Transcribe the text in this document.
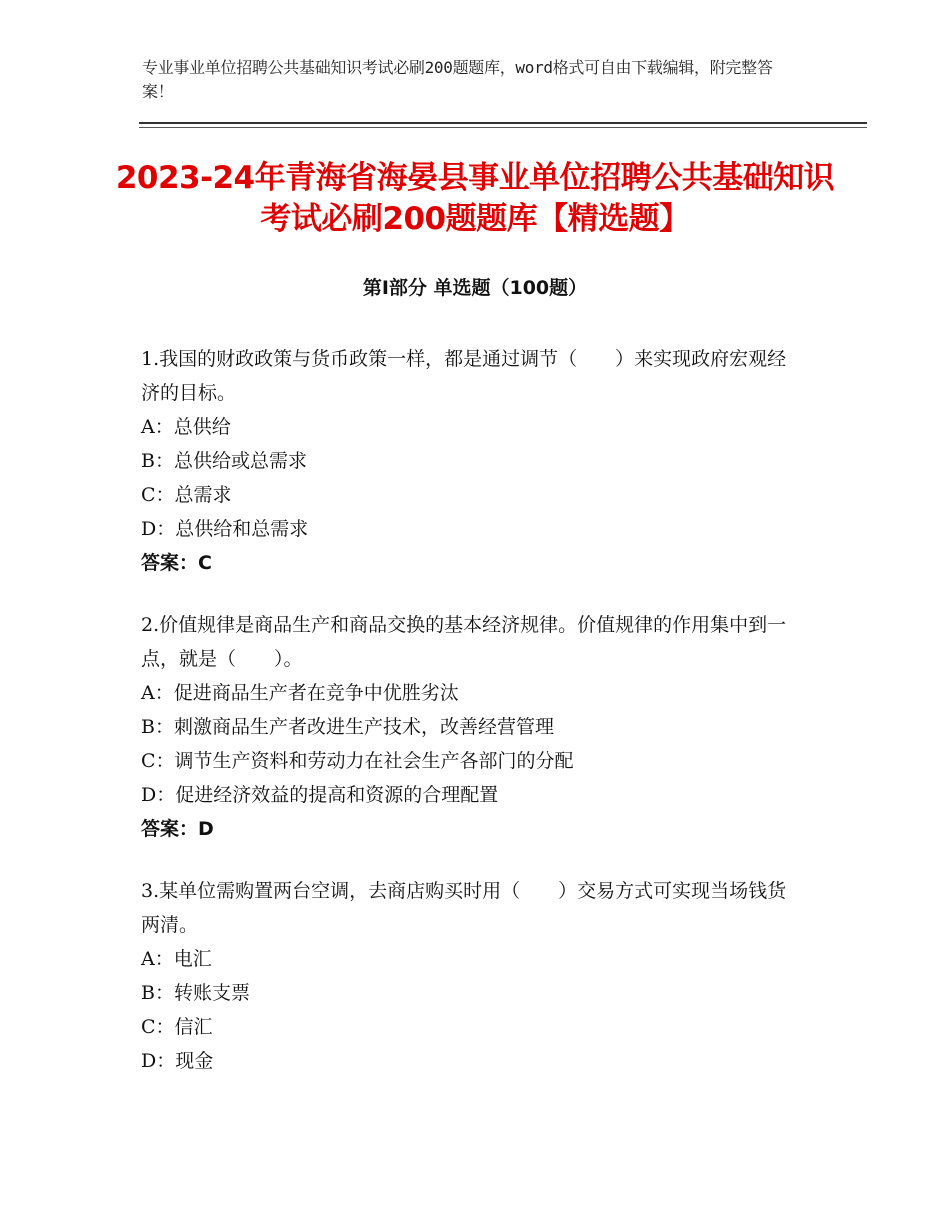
专业事业单位招聘公共基础知识考试必刷200题题库，word格式可自由下载编辑，附完整答案！
2023-24年青海省海晏县事业单位招聘公共基础知识考试必刷200题题库【精选题】
第I部分 单选题（100题）

1.我国的财政政策与货币政策一样，都是通过调节（　　）来实现政府宏观经济的目标。

A：总供给

B：总供给或总需求

C：总需求

D：总供给和总需求

答案：C

2.价值规律是商品生产和商品交换的基本经济规律。价值规律的作用集中到一点，就是（　　）。

A：促进商品生产者在竞争中优胜劣汰

B：刺激商品生产者改进生产技术，改善经营管理

C：调节生产资料和劳动力在社会生产各部门的分配

D：促进经济效益的提高和资源的合理配置

答案：D

3.某单位需购置两台空调，去商店购买时用（　　）交易方式可实现当场钱货两清。

A：电汇

B：转账支票

C：信汇

D：现金
